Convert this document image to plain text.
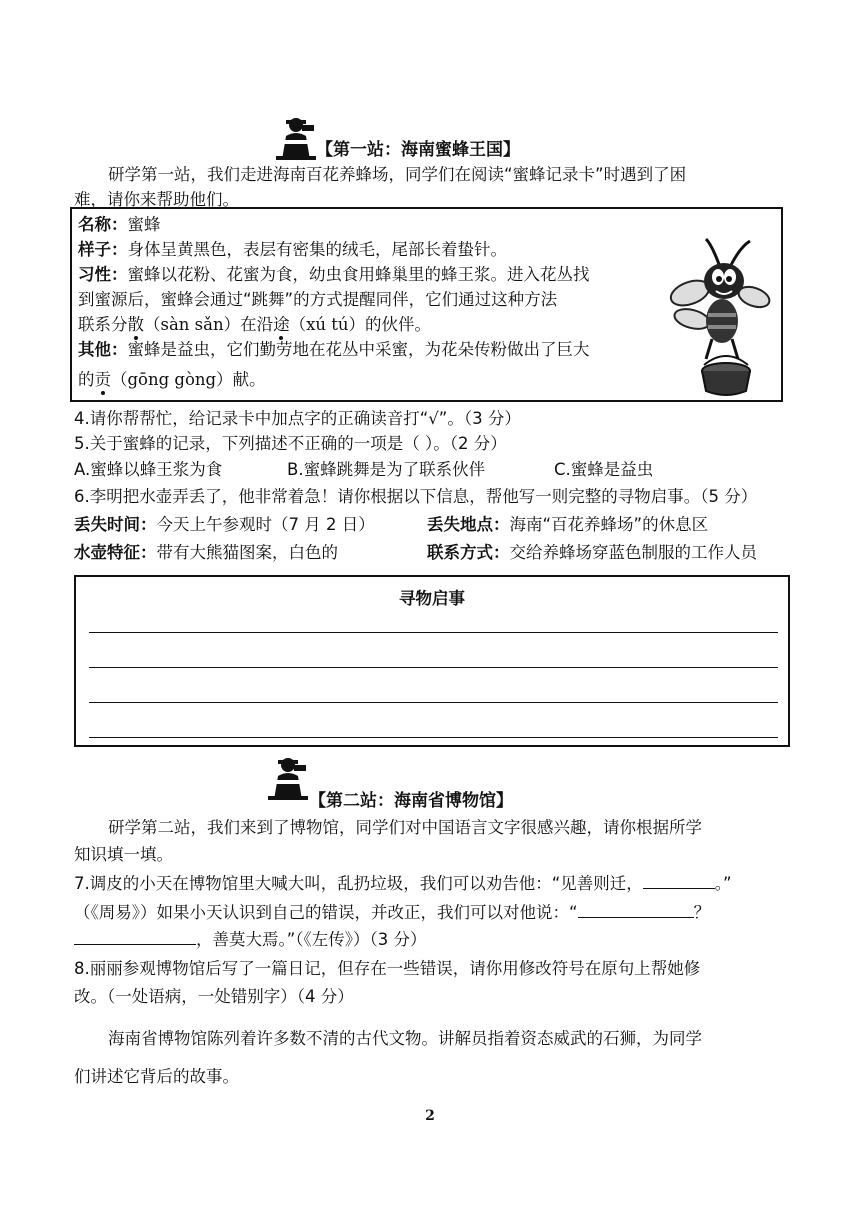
【第一站：海南蜜蜂王国】
研学第一站，我们走进海南百花养蜂场，同学们在阅读“蜜蜂记录卡”时遇到了困
难，请你来帮助他们。
名称：蜜蜂
样子：身体呈黄黑色，表层有密集的绒毛，尾部长着蛰针。
习性：蜜蜂以花粉、花蜜为食，幼虫食用蜂巢里的蜂王浆。进入花丛找
到蜜源后，蜜蜂会通过“跳舞”的方式提醒同伴，它们通过这种方法
联系分散（sàn sǎn）在沿途（xú tú）的伙伴。
其他：蜜蜂是益虫，它们勤劳地在花丛中采蜜，为花朵传粉做出了巨大
的贡（gōng gòng）献。
4.请你帮帮忙，给记录卡中加点字的正确读音打“√”。（3 分）
5.关于蜜蜂的记录，下列描述不正确的一项是（ ）。（2 分）
A.蜜蜂以蜂王浆为食	B.蜜蜂跳舞是为了联系伙伴	C.蜜蜂是益虫
6.李明把水壶弄丢了，他非常着急！请你根据以下信息，帮他写一则完整的寻物启事。（5 分）
丢失时间：今天上午参观时（7 月 2 日）	丢失地点：海南“百花养蜂场”的休息区
水壶特征：带有大熊猫图案，白色的	联系方式：交给养蜂场穿蓝色制服的工作人员
寻物启事
【第二站：海南省博物馆】
研学第二站，我们来到了博物馆，同学们对中国语言文字很感兴趣，请你根据所学
知识填一填。
7.调皮的小天在博物馆里大喊大叫，乱扔垃圾，我们可以劝告他：“见善则迁，	。”
（《周易》）如果小天认识到自己的错误，并改正，我们可以对他说：“	？
，善莫大焉。”（《左传》）（3 分）
8.丽丽参观博物馆后写了一篇日记，但存在一些错误，请你用修改符号在原句上帮她修
改。（一处语病，一处错别字）（4 分）
海南省博物馆陈列着许多数不清的古代文物。讲解员指着资态威武的石狮，为同学
们讲述它背后的故事。
2
